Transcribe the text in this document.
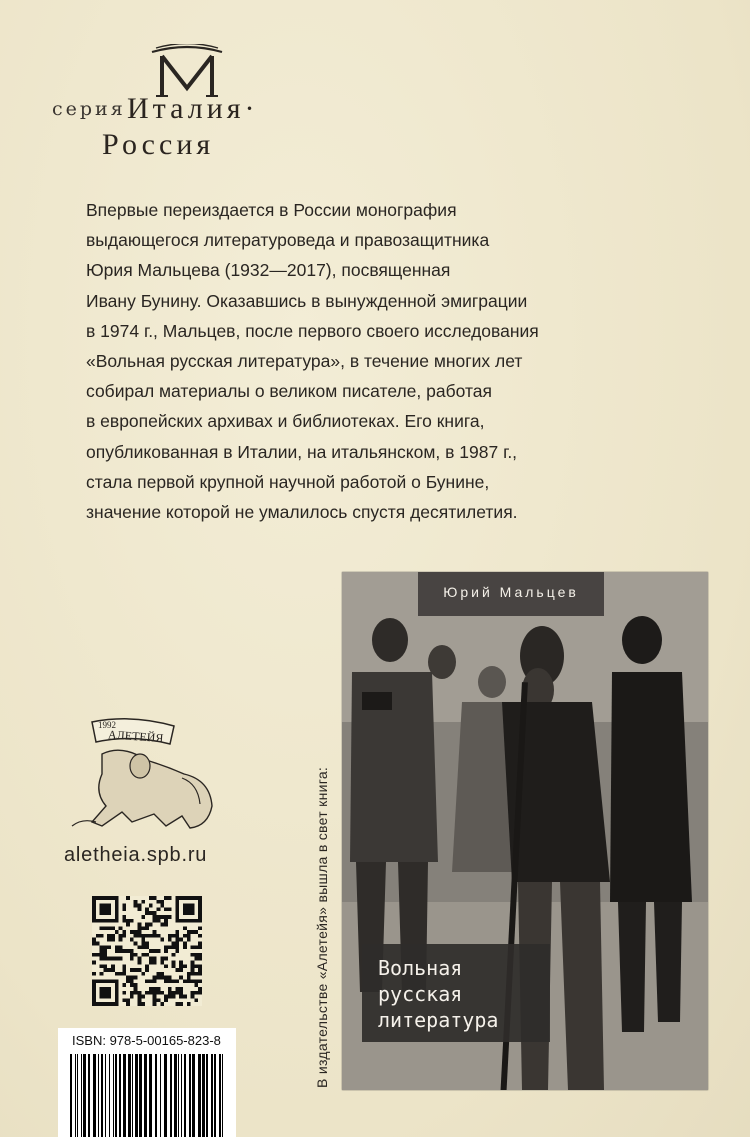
серия Италия·
Россия
Впервые переиздается в России монография
выдающегося литературоведа и правозащитника
Юрия Мальцева (1932—2017), посвященная
Ивану Бунину. Оказавшись в вынужденной эмиграции
в 1974 г., Мальцев, после первого своего исследования
«Вольная русская литература», в течение многих лет
собирал материалы о великом писателе, работая
в европейских архивах и библиотеках. Его книга,
опубликованная в Италии, на итальянском, в 1987 г.,
стала первой крупной научной работой о Бунине,
значение которой не умалилось спустя десятилетия.
В издательстве «Алетейя» вышла в свет книга:
Юрий Мальцев
Вольная
русская
литература
1992
АЛЕТЕЙЯ
aletheia.spb.ru
ISBN: 978-5-00165-823-8
